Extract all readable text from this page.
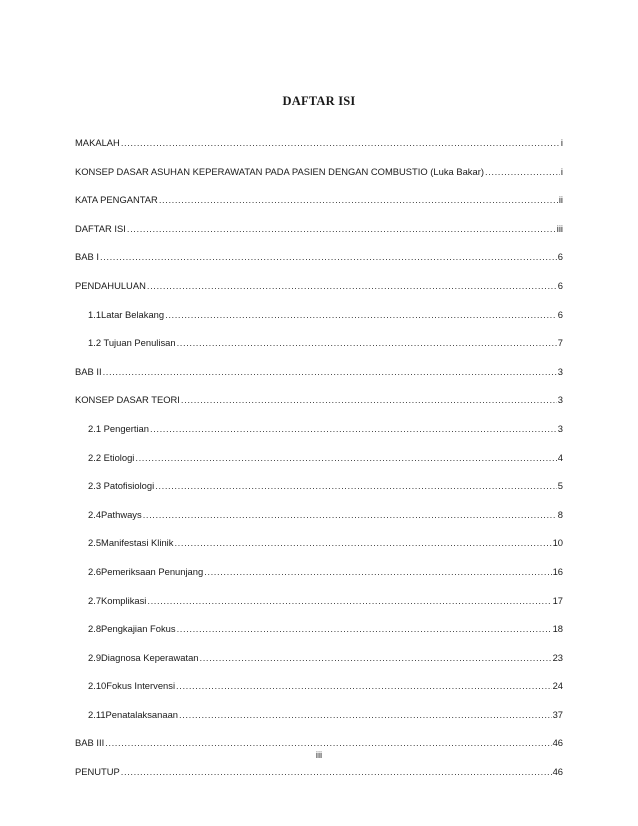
DAFTAR ISI
MAKALAH .....	i
KONSEP DASAR ASUHAN KEPERAWATAN PADA PASIEN DENGAN COMBUSTIO (Luka Bakar) .....	i
KATA PENGANTAR .....	ii
DAFTAR ISI .....	iii
BAB I .....	6
PENDAHULUAN .....	6
1.1Latar Belakang .....	6
1.2 Tujuan Penulisan .....	7
BAB II .....	3
KONSEP DASAR TEORI .....	3
2.1 Pengertian .....	3
2.2 Etiologi .....	4
2.3 Patofisiologi .....	5
2.4Pathways .....	8
2.5Manifestasi Klinik .....	10
2.6Pemeriksaan Penunjang .....	16
2.7Komplikasi .....	17
2.8Pengkajian Fokus .....	18
2.9Diagnosa Keperawatan .....	23
2.10Fokus Intervensi .....	24
2.11Penatalaksanaan .....	37
BAB III .....	46
PENUTUP .....	46
iii
